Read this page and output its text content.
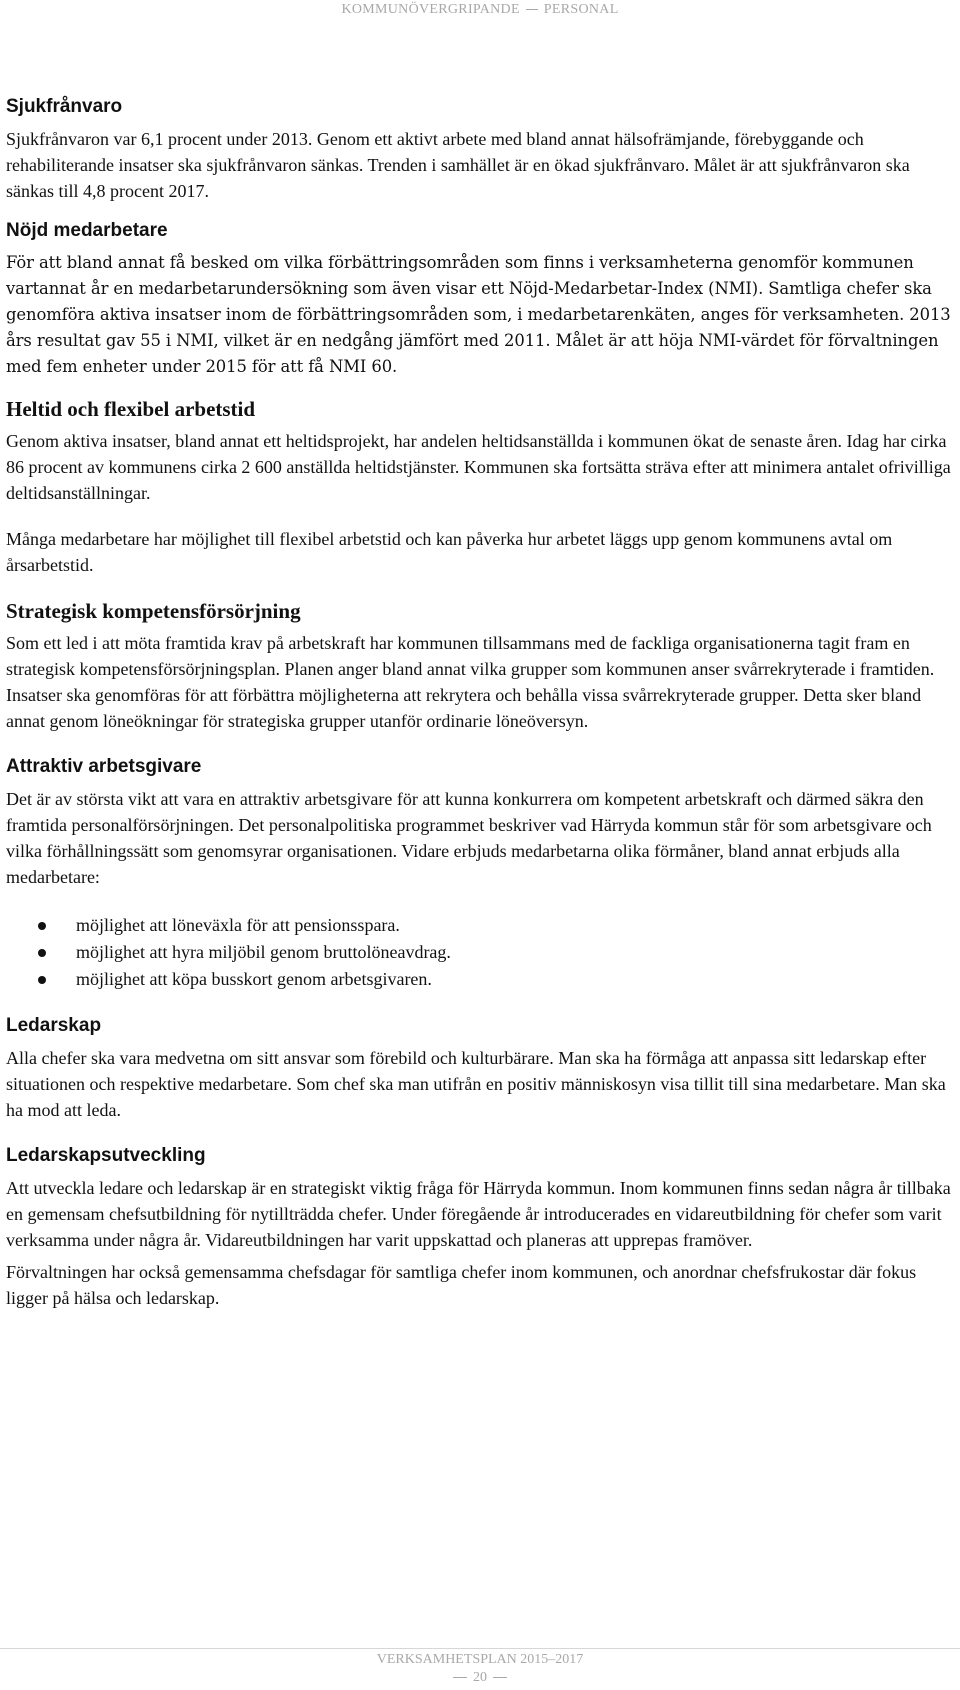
KOMMUNÖVERGRIPANDE PERSONAL
Sjukfrånvaro

Sjukfrånvaron var 6,1 procent under 2013. Genom ett aktivt arbete med bland annat hälsofrämjande, förebyggande och rehabiliterande insatser ska sjukfrånvaron sänkas. Trenden i samhället är en ökad sjukfrånvaro. Målet är att sjukfrånvaron ska sänkas till 4,8 procent 2017.

Nöjd medarbetare

För att bland annat få besked om vilka förbättringsområden som finns i verksamheterna genomför kommunen vartannat år en medarbetarundersökning som även visar ett Nöjd-Medarbetar-Index (NMI). Samtliga chefer ska genomföra aktiva insatser inom de förbättringsområden som, i medarbetarenkäten, anges för verksamheten. 2013 års resultat gav 55 i NMI, vilket är en nedgång jämfört med 2011. Målet är att höja NMI-värdet för förvaltningen med fem enheter under 2015 för att få NMI 60.

Heltid och flexibel arbetstid

Genom aktiva insatser, bland annat ett heltidsprojekt, har andelen heltidsanställda i kommunen ökat de senaste åren. Idag har cirka 86 procent av kommunens cirka 2 600 anställda heltidstjänster. Kommunen ska fortsätta sträva efter att minimera antalet ofrivilliga deltidsanställningar.

Många medarbetare har möjlighet till flexibel arbetstid och kan påverka hur arbetet läggs upp genom kommunens avtal om årsarbetstid.

Strategisk kompetensförsörjning

Som ett led i att möta framtida krav på arbetskraft har kommunen tillsammans med de fackliga organisationerna tagit fram en strategisk kompetensförsörjningsplan. Planen anger bland annat vilka grupper som kommunen anser svårrekryterade i framtiden. Insatser ska genomföras för att förbättra möjligheterna att rekrytera och behålla vissa svårrekryterade grupper. Detta sker bland annat genom löneökningar för strategiska grupper utanför ordinarie löneöversyn.

Attraktiv arbetsgivare

Det är av största vikt att vara en attraktiv arbetsgivare för att kunna konkurrera om kompetent arbetskraft och därmed säkra den framtida personalförsörjningen. Det personalpolitiska programmet beskriver vad Härryda kommun står för som arbetsgivare och vilka förhållningssätt som genomsyrar organisationen. Vidare erbjuds medarbetarna olika förmåner, bland annat erbjuds alla medarbetare:

möjlighet att löneväxla för att pensionsspara.
möjlighet att hyra miljöbil genom bruttolöneavdrag.
möjlighet att köpa busskort genom arbetsgivaren.
Ledarskap

Alla chefer ska vara medvetna om sitt ansvar som förebild och kulturbärare. Man ska ha förmåga att anpassa sitt ledarskap efter situationen och respektive medarbetare. Som chef ska man utifrån en positiv människosyn visa tillit till sina medarbetare. Man ska ha mod att leda.

Ledarskapsutveckling

Att utveckla ledare och ledarskap är en strategiskt viktig fråga för Härryda kommun. Inom kommunen finns sedan några år tillbaka en gemensam chefsutbildning för nytillträdda chefer. Under föregående år introducerades en vidareutbildning för chefer som varit verksamma under några år. Vidareutbildningen har varit uppskattad och planeras att upprepas framöver.

Förvaltningen har också gemensamma chefsdagar för samtliga chefer inom kommunen, och anordnar chefsfrukostar där fokus ligger på hälsa och ledarskap.

VERKSAMHETSPLAN 2015–2017
20
